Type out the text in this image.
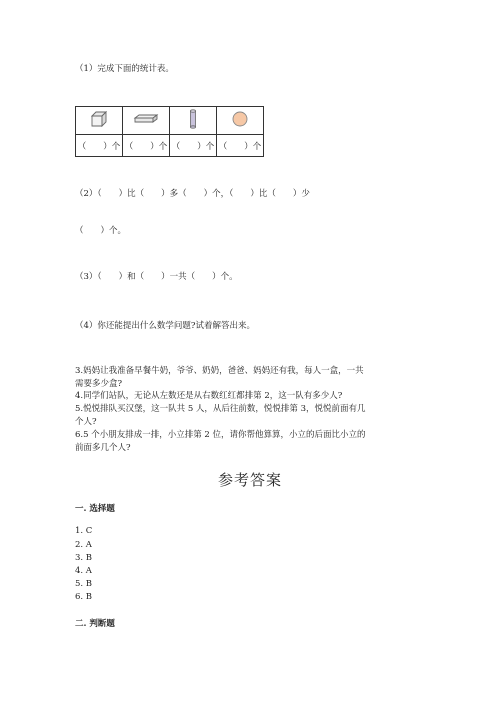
（1）完成下面的统计表。

（　　）个	（　　）个	（　　）个	（　　）个
（2）（　　）比（　　）多（　　）个，（　　）比（　　）少
（　　）个。
（3）（　　）和（　　）一共（　　）个。
（4）你还能提出什么数学问题?试着解答出来。
3.妈妈让我准备早餐牛奶，爷爷、奶奶，爸爸、妈妈还有我，每人一盒，一共
需要多少盒?
4.同学们站队，无论从左数还是从右数红红都排第 2，这一队有多少人?
5.悦悦排队买汉堡，这一队共 5 人，从后往前数，悦悦排第 3，悦悦前面有几
个人?
6.5 个小朋友排成一排，小立排第 2 位，请你帮他算算，小立的后面比小立的
前面多几个人?
参考答案
一. 选择题
1. C
2. A
3. B
4. A
5. B
6. B
二. 判断题
